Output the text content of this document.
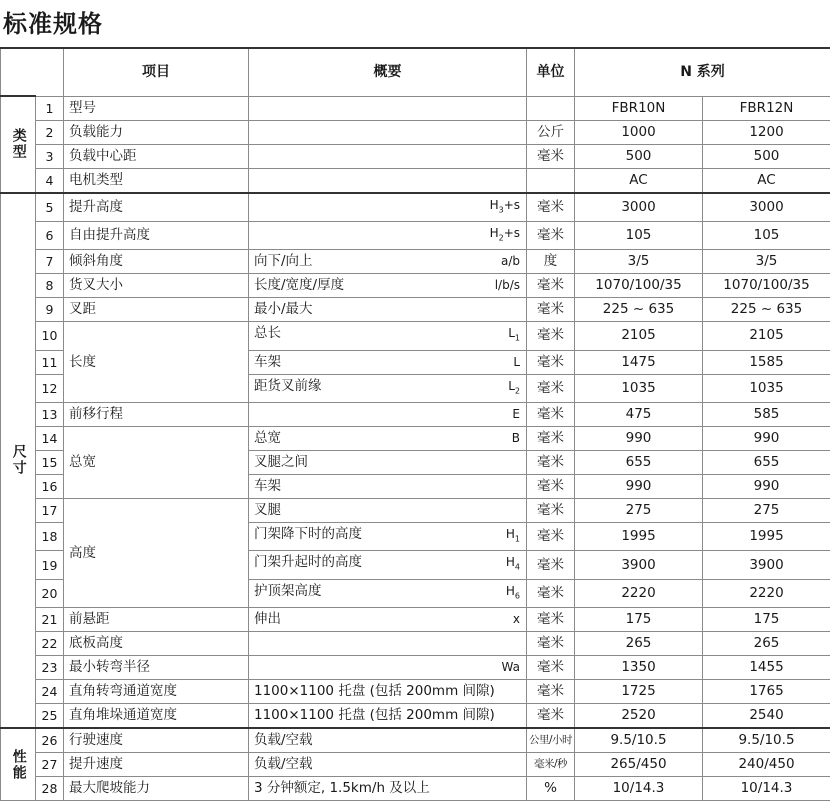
标准规格
		项目	概要	单位	N 系列	
类型	1	型号			FBR10N	FBR12N
	2	负载能力		公斤	1000	1200
	3	负载中心距		毫米	500	500
	4	电机类型			AC	AC
尺寸	5	提升高度	$H_3+s$	毫米	3000	3000
	6	自由提升高度	$H_2+s$	毫米	105	105
	7	倾斜角度	向下/向上 a/b	度	3/5	3/5
	8	货叉大小	长度/宽度/厚度 l/b/s	毫米	1070/100/35	1070/100/35
	9	叉距	最小/最大	毫米	225 ~ 635	225 ~ 635
	10	长度	总长 $L_1$	毫米	2105	2105
	11		车架 L	毫米	1475	1585
	12		距货叉前缘 $L_2$	毫米	1035	1035
	13	前移行程	E	毫米	475	585
	14	总宽	总宽 B	毫米	990	990
	15		叉腿之间	毫米	655	655
	16		车架	毫米	990	990
	17	高度	叉腿	毫米	275	275
	18		门架降下时的高度 $H_1$	毫米	1995	1995
	19		门架升起时的高度 $H_4$	毫米	3900	3900
	20		护顶架高度 $H_6$	毫米	2220	2220
	21	前悬距	伸出 x	毫米	175	175
	22	底板高度		毫米	265	265
	23	最小转弯半径	Wa	毫米	1350	1455
	24	直角转弯通道宽度	1100×1100 托盘 (包括 200mm 间隙)	毫米	1725	1765
	25	直角堆垛通道宽度	1100×1100 托盘 (包括 200mm 间隙)	毫米	2520	2540
性能	26	行驶速度	负载/空载	公里/小时	9.5/10.5	9.5/10.5
	27	提升速度	负载/空载	毫米/秒	265/450	240/450
	28	最大爬坡能力	3 分钟额定, 1.5km/h 及以上	%	10/14.3	10/14.3
